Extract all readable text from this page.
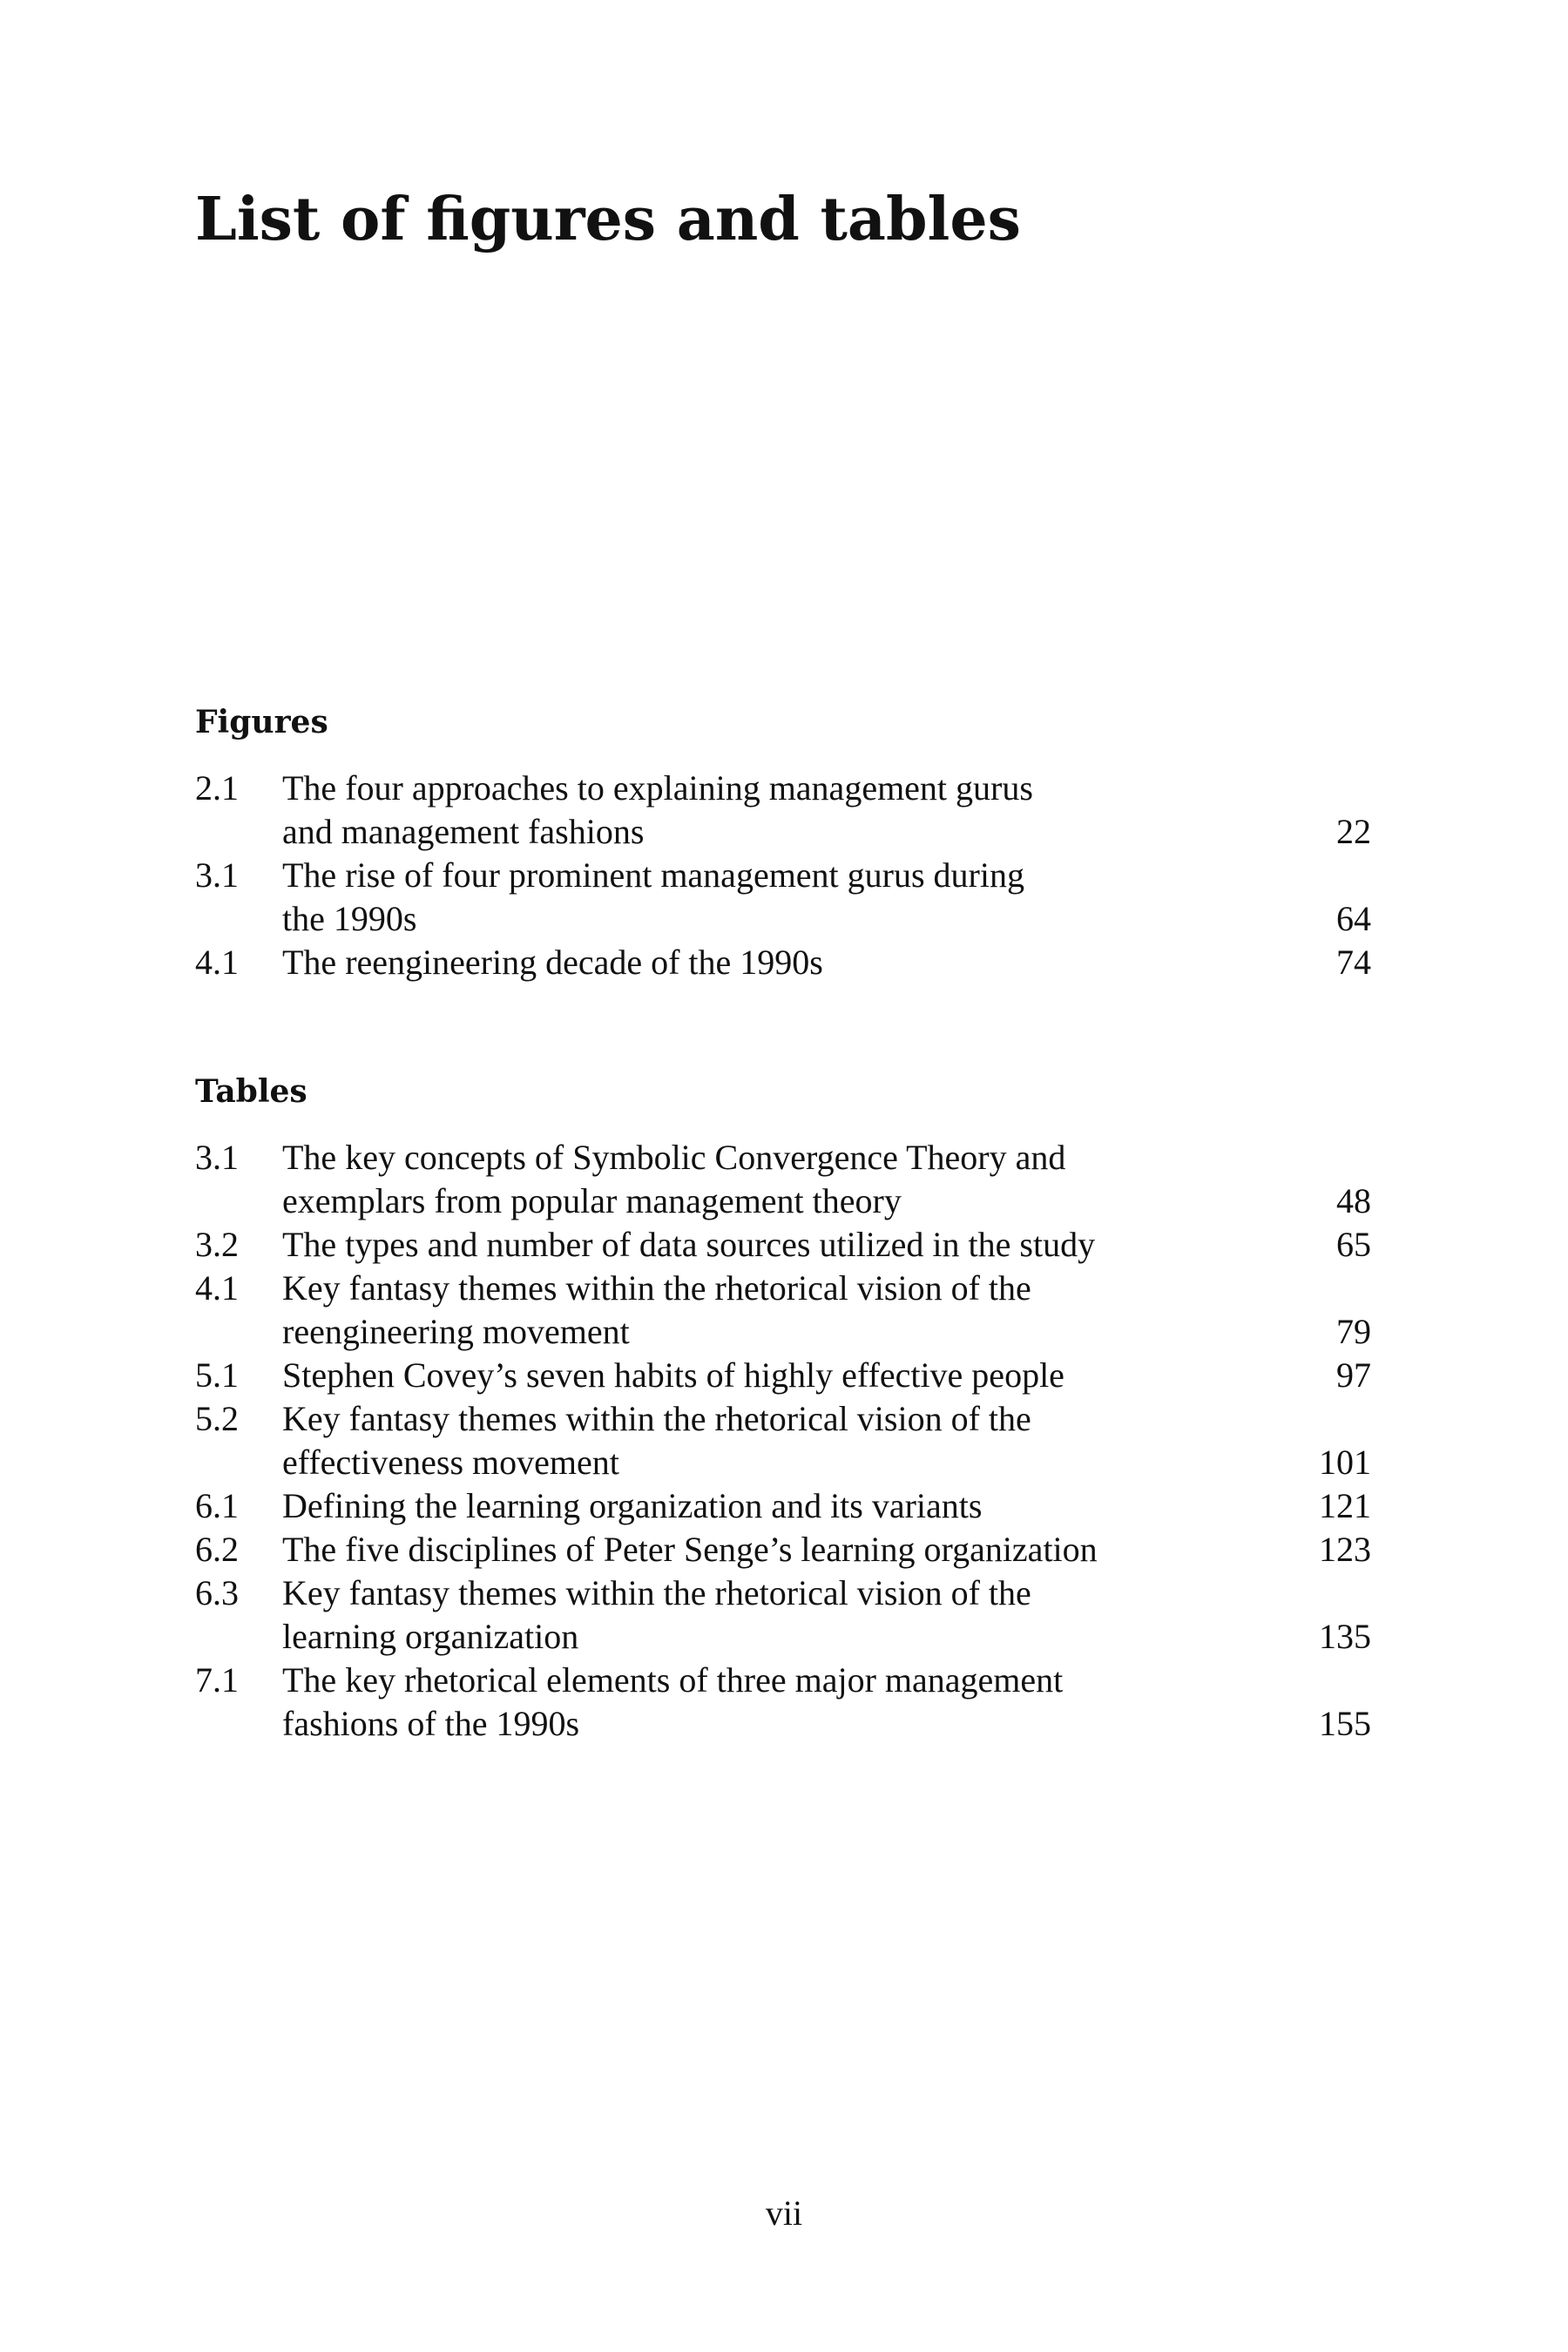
List of figures and tables
Figures
2.1	The four approaches to explaining management gurus
and management fashions	22
3.1	The rise of four prominent management gurus during
the 1990s	64
4.1	The reengineering decade of the 1990s	74
Tables
3.1	The key concepts of Symbolic Convergence Theory and
exemplars from popular management theory	48
3.2	The types and number of data sources utilized in the study	65
4.1	Key fantasy themes within the rhetorical vision of the
reengineering movement	79
5.1	Stephen Covey’s seven habits of highly effective people	97
5.2	Key fantasy themes within the rhetorical vision of the
effectiveness movement	101
6.1	Defining the learning organization and its variants	121
6.2	The five disciplines of Peter Senge’s learning organization	123
6.3	Key fantasy themes within the rhetorical vision of the
learning organization	135
7.1	The key rhetorical elements of three major management
fashions of the 1990s	155
vii
